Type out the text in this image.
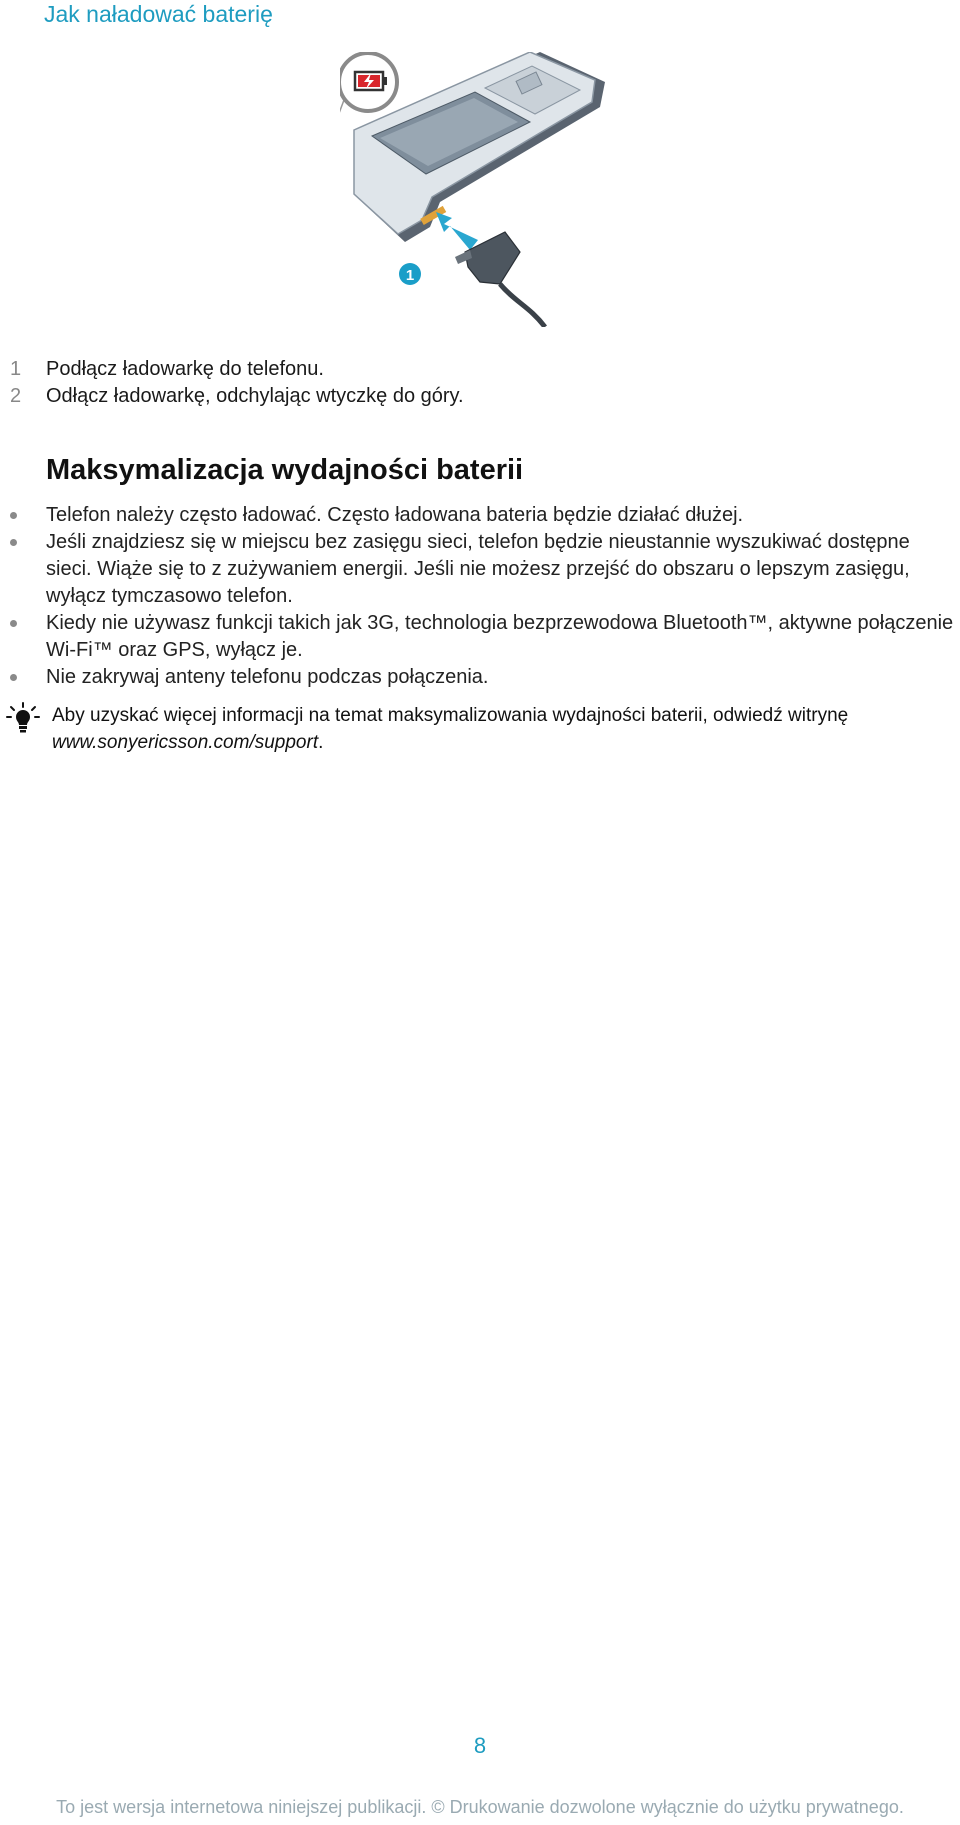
Jak naładować baterię
1
1 Podłącz ładowarkę do telefonu.
2 Odłącz ładowarkę, odchylając wtyczkę do góry.
Maksymalizacja wydajności baterii
Telefon należy często ładować. Często ładowana bateria będzie działać dłużej.
Jeśli znajdziesz się w miejscu bez zasięgu sieci, telefon będzie nieustannie wyszukiwać dostępne sieci. Wiąże się to z zużywaniem energii. Jeśli nie możesz przejść do obszaru o lepszym zasięgu, wyłącz tymczasowo telefon.
Kiedy nie używasz funkcji takich jak 3G, technologia bezprzewodowa Bluetooth™, aktywne połączenie Wi-Fi™ oraz GPS, wyłącz je.
Nie zakrywaj anteny telefonu podczas połączenia.
Aby uzyskać więcej informacji na temat maksymalizowania wydajności baterii, odwiedź witrynę www.sonyericsson.com/support.
8
To jest wersja internetowa niniejszej publikacji. © Drukowanie dozwolone wyłącznie do użytku prywatnego.
